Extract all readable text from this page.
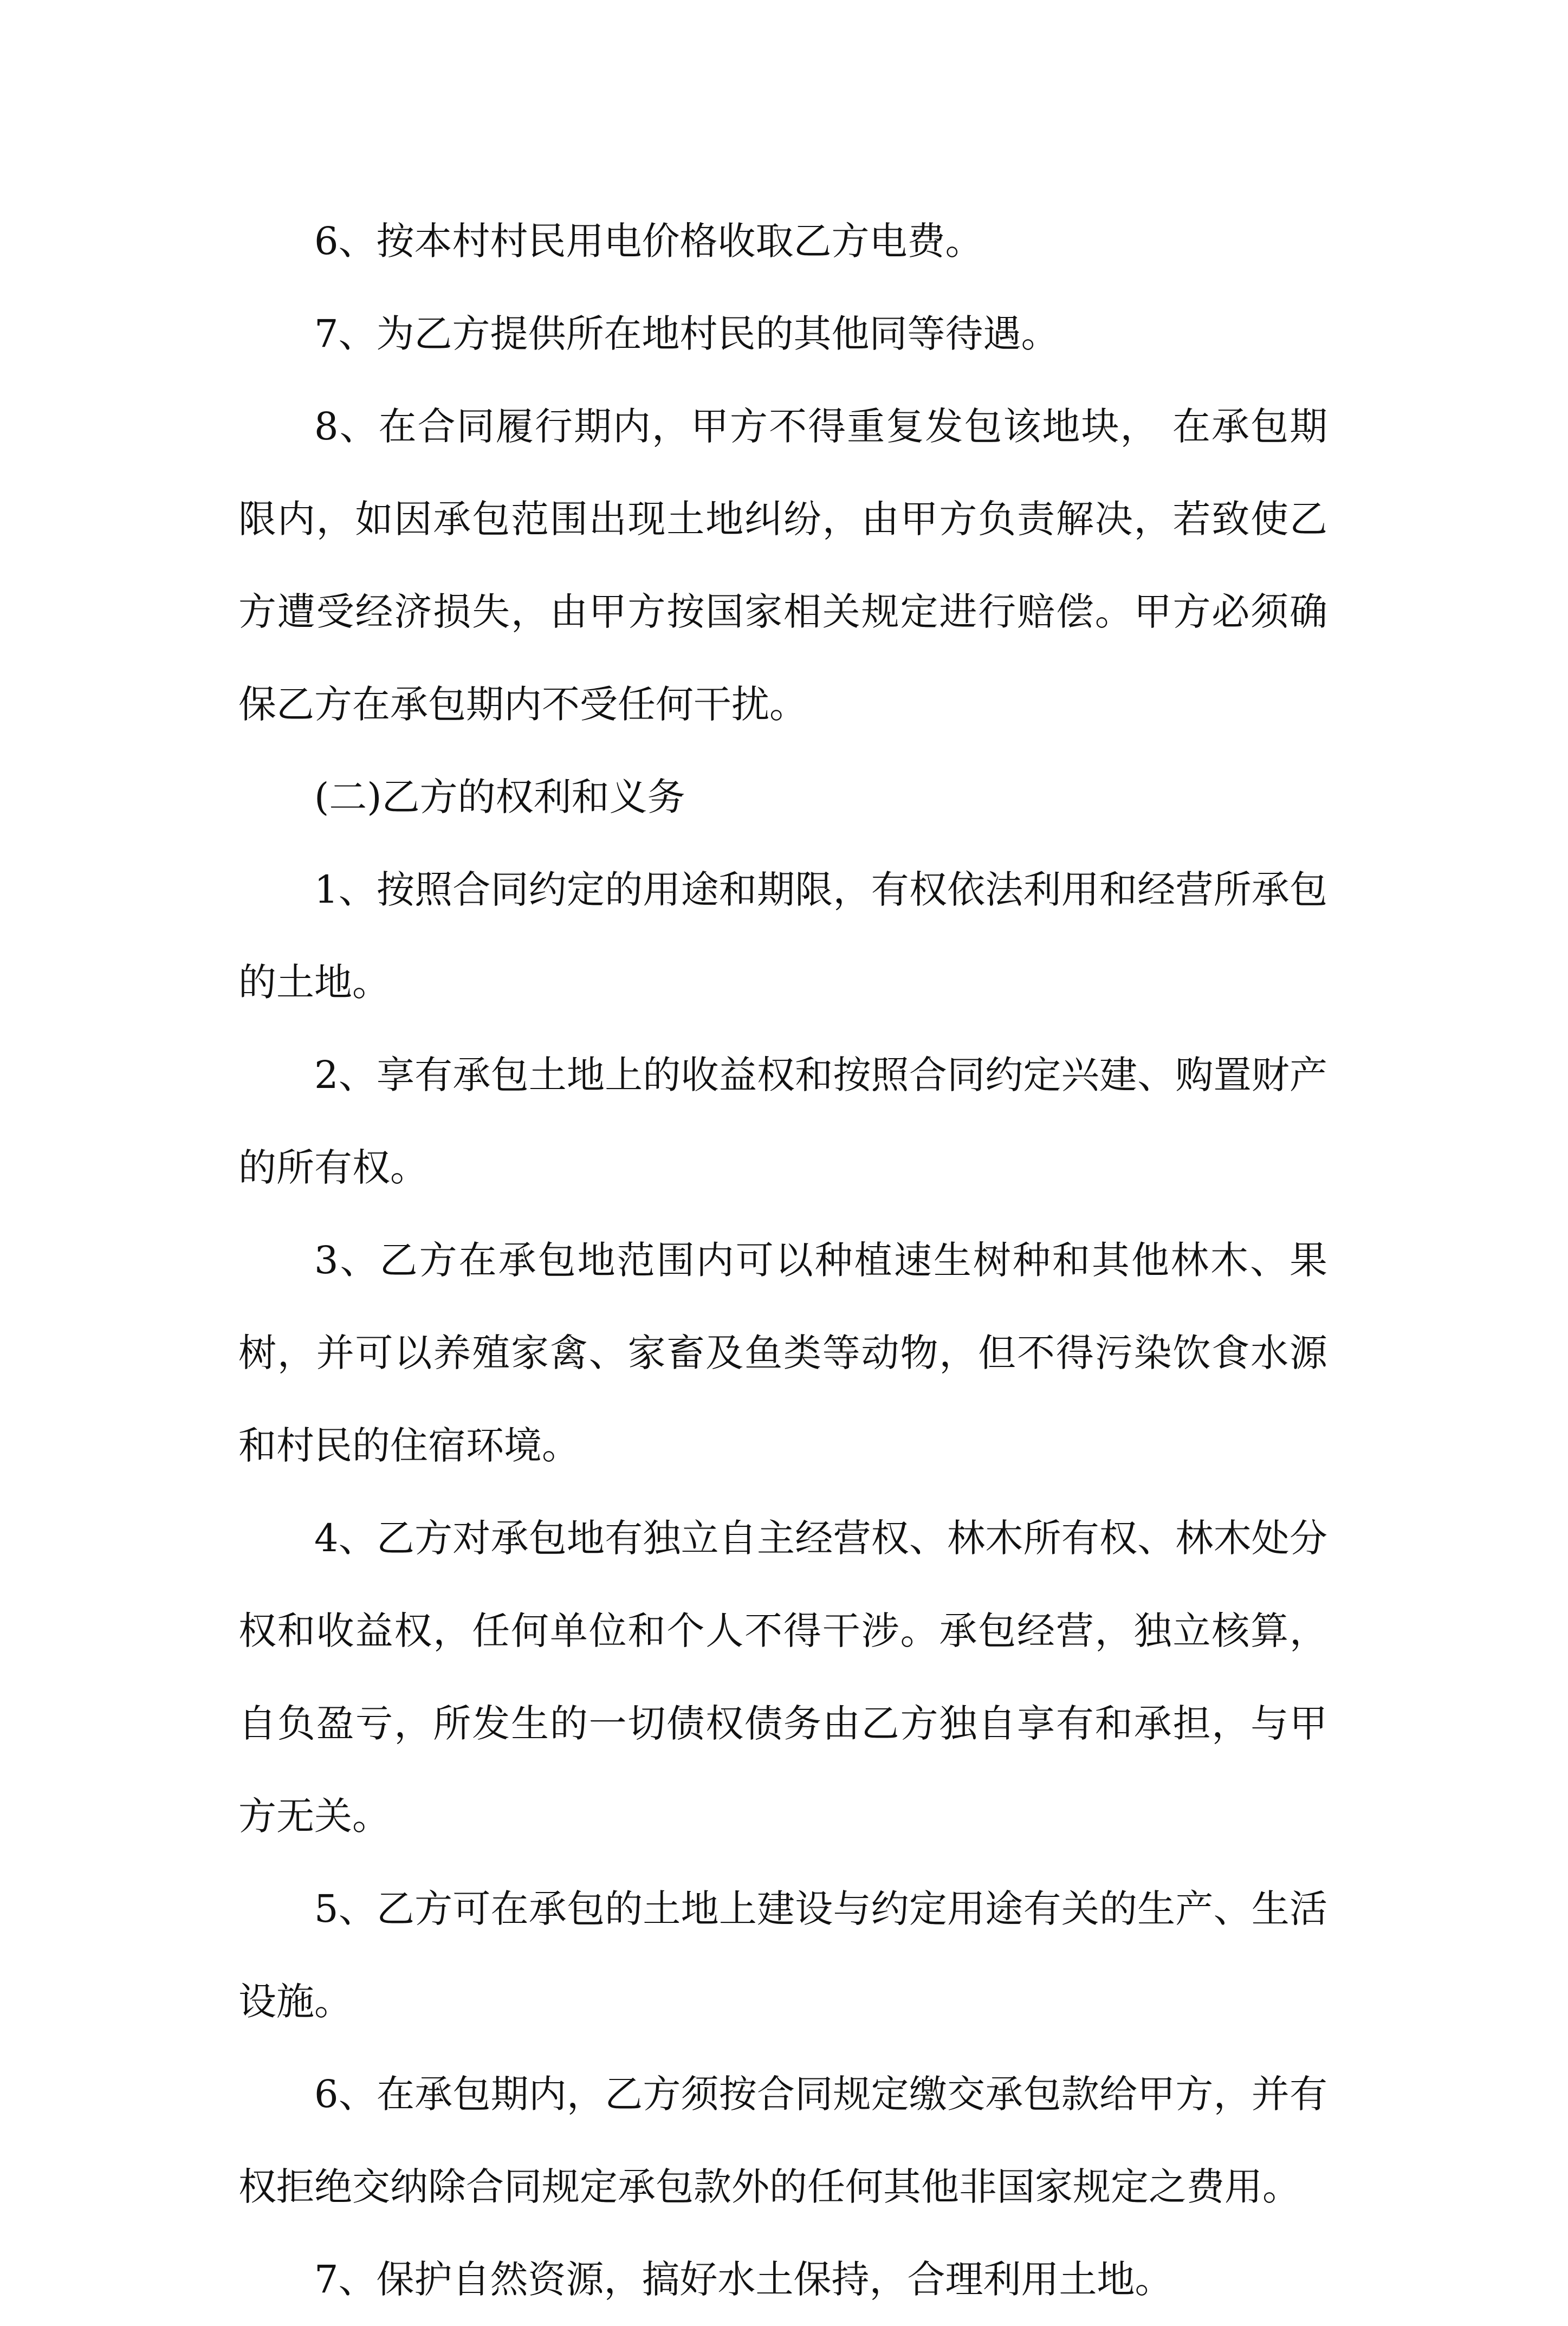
6、按本村村民用电价格收取乙方电费。

7、为乙方提供所在地村民的其他同等待遇。

8、在合同履行期内，甲方不得重复发包该地块， 在承包期限内，如因承包范围出现土地纠纷，由甲方负责解决，若致使乙方遭受经济损失，由甲方按国家相关规定进行赔偿。甲方必须确保乙方在承包期内不受任何干扰。

(二)乙方的权利和义务

1、按照合同约定的用途和期限，有权依法利用和经营所承包的土地。

2、享有承包土地上的收益权和按照合同约定兴建、购置财产的所有权。

3、乙方在承包地范围内可以种植速生树种和其他林木、果树，并可以养殖家禽、家畜及鱼类等动物，但不得污染饮食水源和村民的住宿环境。

4、乙方对承包地有独立自主经营权、林木所有权、林木处分权和收益权，任何单位和个人不得干涉。承包经营，独立核算，自负盈亏，所发生的一切债权债务由乙方独自享有和承担，与甲方无关。

5、乙方可在承包的土地上建设与约定用途有关的生产、生活设施。

6、在承包期内，乙方须按合同规定缴交承包款给甲方，并有权拒绝交纳除合同规定承包款外的任何其他非国家规定之费用。

7、保护自然资源，搞好水土保持，合理利用土地。
